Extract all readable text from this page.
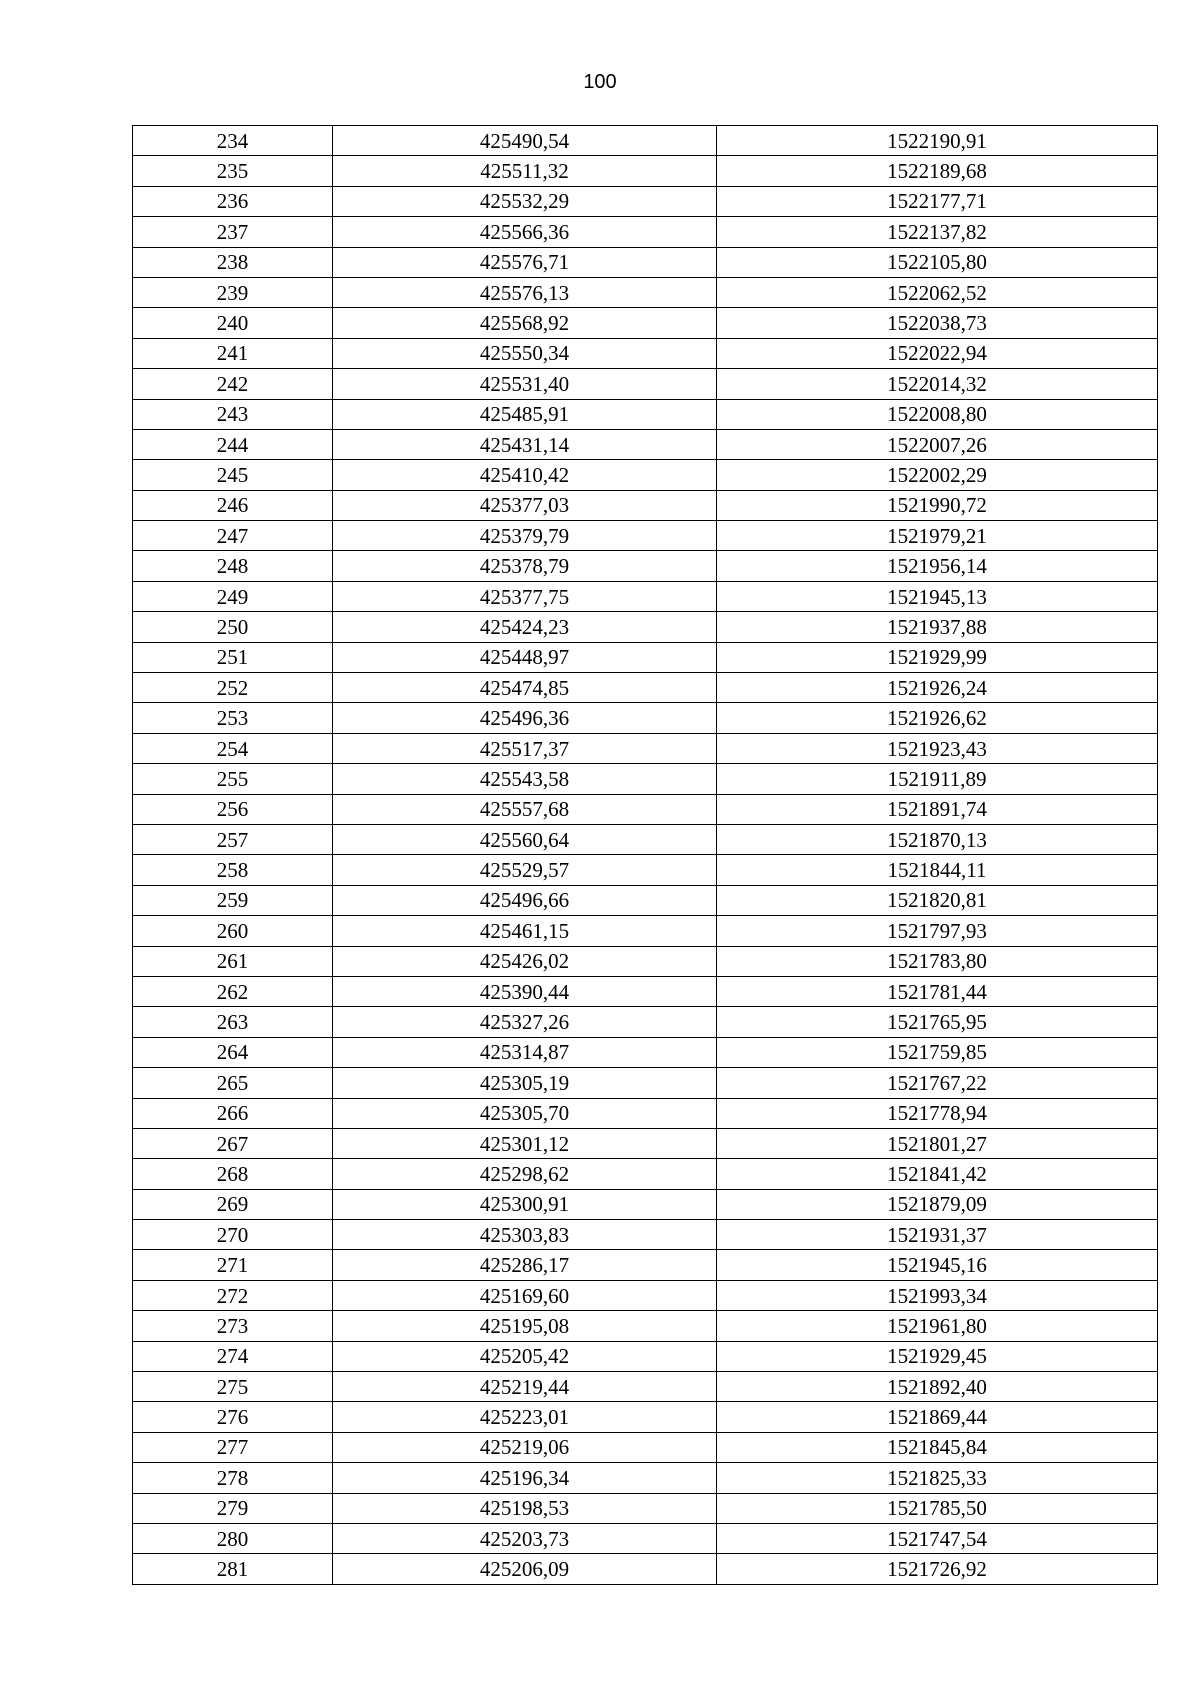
100
234	425490,54	1522190,91
235	425511,32	1522189,68
236	425532,29	1522177,71
237	425566,36	1522137,82
238	425576,71	1522105,80
239	425576,13	1522062,52
240	425568,92	1522038,73
241	425550,34	1522022,94
242	425531,40	1522014,32
243	425485,91	1522008,80
244	425431,14	1522007,26
245	425410,42	1522002,29
246	425377,03	1521990,72
247	425379,79	1521979,21
248	425378,79	1521956,14
249	425377,75	1521945,13
250	425424,23	1521937,88
251	425448,97	1521929,99
252	425474,85	1521926,24
253	425496,36	1521926,62
254	425517,37	1521923,43
255	425543,58	1521911,89
256	425557,68	1521891,74
257	425560,64	1521870,13
258	425529,57	1521844,11
259	425496,66	1521820,81
260	425461,15	1521797,93
261	425426,02	1521783,80
262	425390,44	1521781,44
263	425327,26	1521765,95
264	425314,87	1521759,85
265	425305,19	1521767,22
266	425305,70	1521778,94
267	425301,12	1521801,27
268	425298,62	1521841,42
269	425300,91	1521879,09
270	425303,83	1521931,37
271	425286,17	1521945,16
272	425169,60	1521993,34
273	425195,08	1521961,80
274	425205,42	1521929,45
275	425219,44	1521892,40
276	425223,01	1521869,44
277	425219,06	1521845,84
278	425196,34	1521825,33
279	425198,53	1521785,50
280	425203,73	1521747,54
281	425206,09	1521726,92
